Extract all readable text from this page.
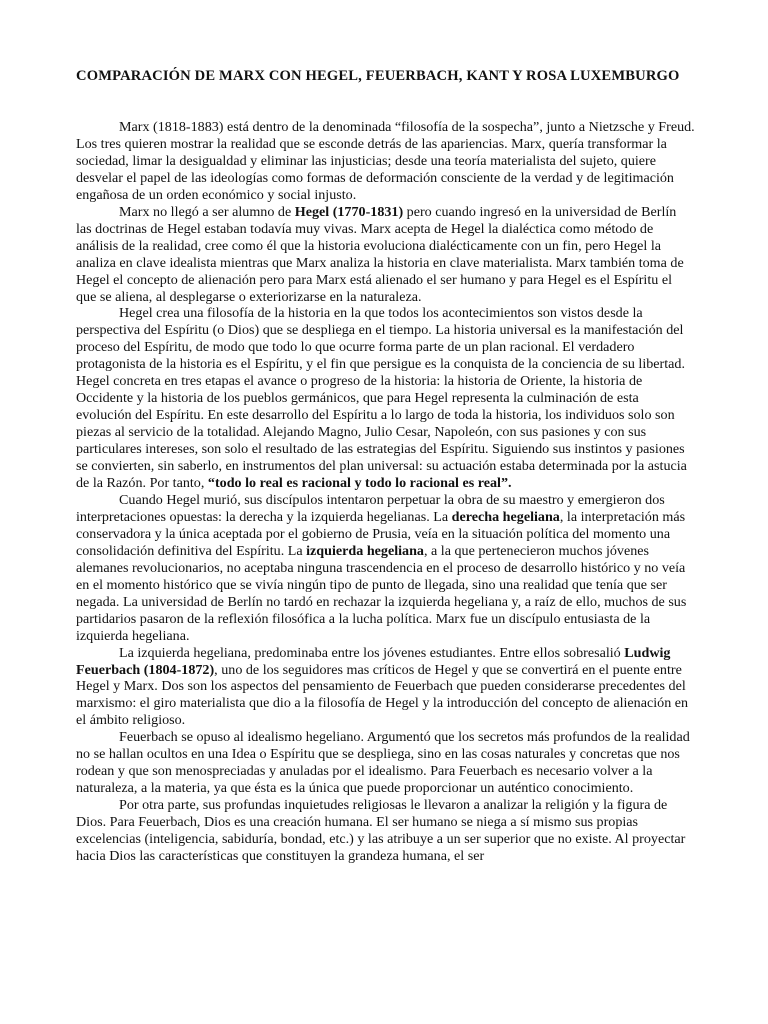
COMPARACIÓN DE MARX CON HEGEL, FEUERBACH, KANT Y ROSA LUXEMBURGO

Marx (1818-1883) está dentro de la denominada “filosofía de la sospecha”, junto a Nietzsche y Freud. Los tres quieren mostrar la realidad que se esconde detrás de las apariencias. Marx, quería transformar la sociedad, limar la desigualdad y eliminar las injusticias; desde una teoría materialista del sujeto, quiere desvelar el papel de las ideologías como formas de deformación consciente de la verdad y de legitimación engañosa de un orden económico y social injusto.

Marx no llegó a ser alumno de Hegel (1770-1831) pero cuando ingresó en la universidad de Berlín las doctrinas de Hegel estaban todavía muy vivas. Marx acepta de Hegel la dialéctica como método de análisis de la realidad, cree como él que la historia evoluciona dialécticamente con un fin, pero Hegel la analiza en clave idealista mientras que Marx analiza la historia en clave materialista. Marx también toma de Hegel el concepto de alienación pero para Marx está alienado el ser humano y para Hegel es el Espíritu el que se aliena, al desplegarse o exteriorizarse en la naturaleza.

Hegel crea una filosofía de la historia en la que todos los acontecimientos son vistos desde la perspectiva del Espíritu (o Dios) que se despliega en el tiempo. La historia universal es la manifestación del proceso del Espíritu, de modo que todo lo que ocurre forma parte de un plan racional. El verdadero protagonista de la historia es el Espíritu, y el fin que persigue es la conquista de la conciencia de su libertad. Hegel concreta en tres etapas el avance o progreso de la historia: la historia de Oriente, la historia de Occidente y la historia de los pueblos germánicos, que para Hegel representa la culminación de esta evolución del Espíritu. En este desarrollo del Espíritu a lo largo de toda la historia, los individuos solo son piezas al servicio de la totalidad. Alejando Magno, Julio Cesar, Napoleón, con sus pasiones y con sus particulares intereses, son solo el resultado de las estrategias del Espíritu. Siguiendo sus instintos y pasiones se convierten, sin saberlo, en instrumentos del plan universal: su actuación estaba determinada por la astucia de la Razón. Por tanto, “todo lo real es racional y todo lo racional es real”.

Cuando Hegel murió, sus discípulos intentaron perpetuar la obra de su maestro y emergieron dos interpretaciones opuestas: la derecha y la izquierda hegelianas. La derecha hegeliana, la interpretación más conservadora y la única aceptada por el gobierno de Prusia, veía en la situación política del momento una consolidación definitiva del Espíritu. La izquierda hegeliana, a la que pertenecieron muchos jóvenes alemanes revolucionarios, no aceptaba ninguna trascendencia en el proceso de desarrollo histórico y no veía en el momento histórico que se vivía ningún tipo de punto de llegada, sino una realidad que tenía que ser negada. La universidad de Berlín no tardó en rechazar la izquierda hegeliana y, a raíz de ello, muchos de sus partidarios pasaron de la reflexión filosófica a la lucha política. Marx fue un discípulo entusiasta de la izquierda hegeliana.

La izquierda hegeliana, predominaba entre los jóvenes estudiantes. Entre ellos sobresalió Ludwig Feuerbach (1804-1872), uno de los seguidores mas críticos de Hegel y que se convertirá en el puente entre Hegel y Marx. Dos son los aspectos del pensamiento de Feuerbach que pueden considerarse precedentes del marxismo: el giro materialista que dio a la filosofía de Hegel y la introducción del concepto de alienación en el ámbito religioso.

Feuerbach se opuso al idealismo hegeliano. Argumentó que los secretos más profundos de la realidad no se hallan ocultos en una Idea o Espíritu que se despliega, sino en las cosas naturales y concretas que nos rodean y que son menospreciadas y anuladas por el idealismo. Para Feuerbach es necesario volver a la naturaleza, a la materia, ya que ésta es la única que puede proporcionar un auténtico conocimiento.

Por otra parte, sus profundas inquietudes religiosas le llevaron a analizar la religión y la figura de Dios. Para Feuerbach, Dios es una creación humana. El ser humano se niega a sí mismo sus propias excelencias (inteligencia, sabiduría, bondad, etc.) y las atribuye a un ser superior que no existe. Al proyectar hacia Dios las características que constituyen la grandeza humana, el ser
